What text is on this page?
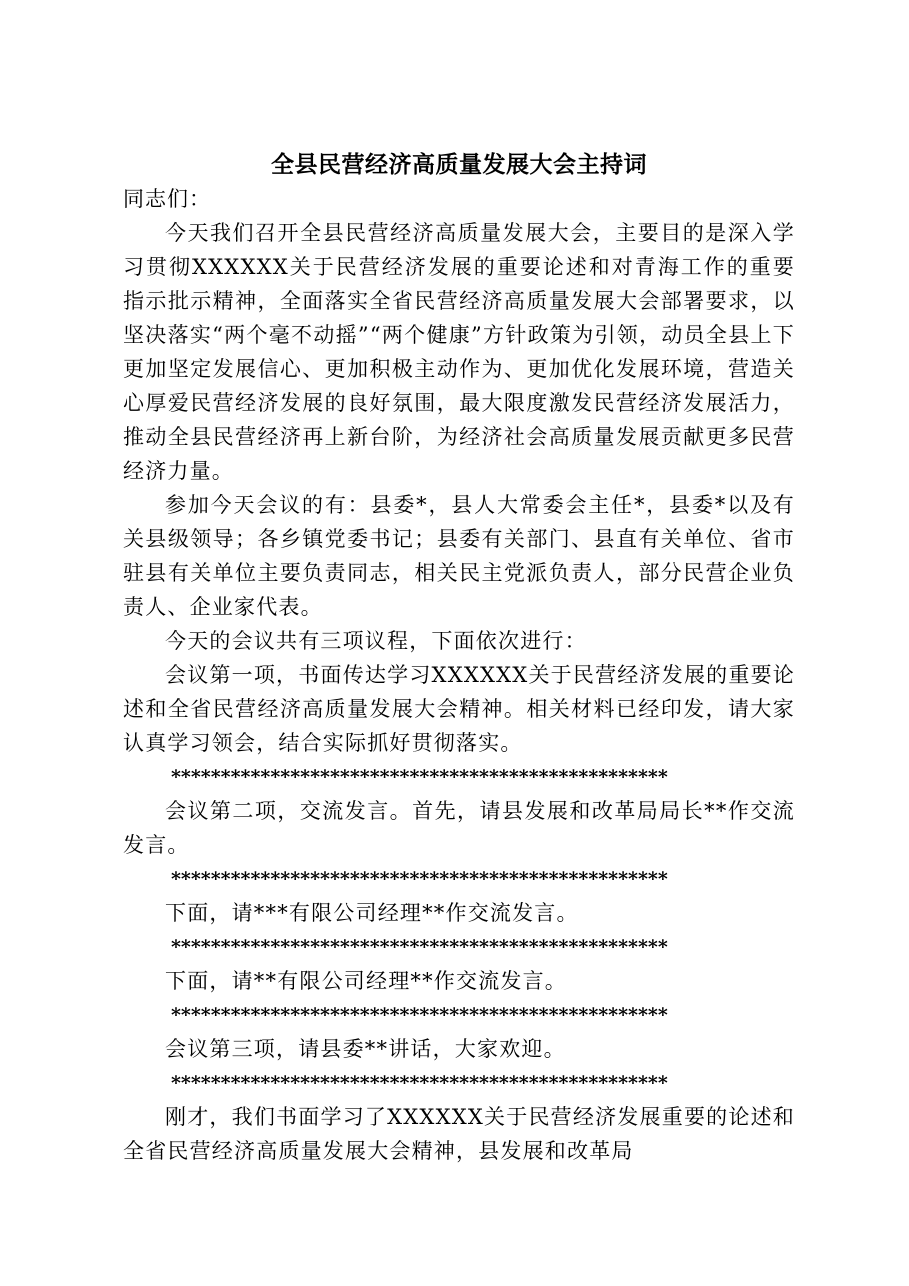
全县民营经济高质量发展大会主持词

同志们：

今天我们召开全县民营经济高质量发展大会，主要目的是深入学习贯彻XXXXXX关于民营经济发展的重要论述和对青海工作的重要指示批示精神，全面落实全省民营经济高质量发展大会部署要求，以坚决落实“两个毫不动摇”“两个健康”方针政策为引领，动员全县上下更加坚定发展信心、更加积极主动作为、更加优化发展环境，营造关心厚爱民营经济发展的良好氛围，最大限度激发民营经济发展活力，推动全县民营经济再上新台阶，为经济社会高质量发展贡献更多民营经济力量。

参加今天会议的有：县委*，县人大常委会主任*，县委*以及有关县级领导；各乡镇党委书记；县委有关部门、县直有关单位、省市驻县有关单位主要负责同志，相关民主党派负责人，部分民营企业负责人、企业家代表。

今天的会议共有三项议程，下面依次进行：

会议第一项，书面传达学习XXXXXX关于民营经济发展的重要论述和全省民营经济高质量发展大会精神。相关材料已经印发，请大家认真学习领会，结合实际抓好贯彻落实。

**************************************************

会议第二项，交流发言。首先，请县发展和改革局局长**作交流发言。

**************************************************

下面，请***有限公司经理**作交流发言。

**************************************************

下面，请**有限公司经理**作交流发言。

**************************************************

会议第三项，请县委**讲话，大家欢迎。

**************************************************

刚才，我们书面学习了XXXXXX关于民营经济发展重要的论述和全省民营经济高质量发展大会精神，县发展和改革局
